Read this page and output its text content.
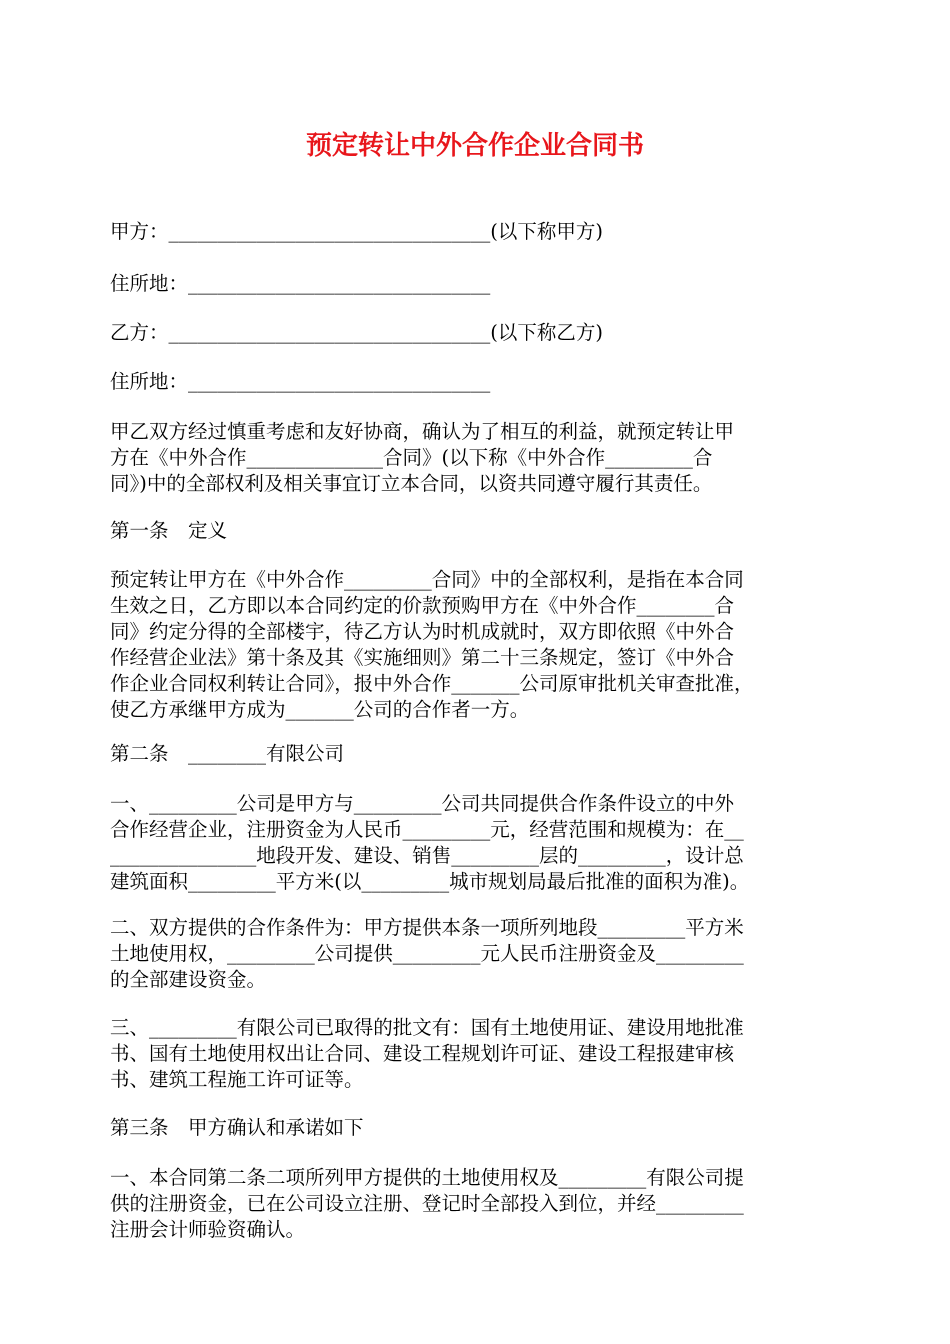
预定转让中外合作企业合同书
甲方：_________________________________(以下称甲方)
住所地：_______________________________
乙方：_________________________________(以下称乙方)
住所地：_______________________________
甲乙双方经过慎重考虑和友好协商，确认为了相互的利益，就预定转让甲
方在《中外合作______________合同》(以下称《中外合作_________合
同》)中的全部权利及相关事宜订立本合同，以资共同遵守履行其责任。
第一条　定义
预定转让甲方在《中外合作_________合同》中的全部权利，是指在本合同
生效之日，乙方即以本合同约定的价款预购甲方在《中外合作________合
同》约定分得的全部楼宇，待乙方认为时机成就时，双方即依照《中外合
作经营企业法》第十条及其《实施细则》第二十三条规定，签订《中外合
作企业合同权利转让合同》，报中外合作_______公司原审批机关审查批准，
使乙方承继甲方成为_______公司的合作者一方。
第二条　________有限公司
一、_________公司是甲方与_________公司共同提供合作条件设立的中外
合作经营企业，注册资金为人民币_________元，经营范围和规模为：在__
_______________地段开发、建设、销售_________层的_________，设计总
建筑面积_________平方米(以_________城市规划局最后批准的面积为准)。
二、双方提供的合作条件为：甲方提供本条一项所列地段_________平方米
土地使用权，_________公司提供_________元人民币注册资金及_________
的全部建设资金。
三、_________有限公司已取得的批文有：国有土地使用证、建设用地批准
书、国有土地使用权出让合同、建设工程规划许可证、建设工程报建审核
书、建筑工程施工许可证等。
第三条　甲方确认和承诺如下
一、本合同第二条二项所列甲方提供的土地使用权及_________有限公司提
供的注册资金，已在公司设立注册、登记时全部投入到位，并经_________
注册会计师验资确认。
